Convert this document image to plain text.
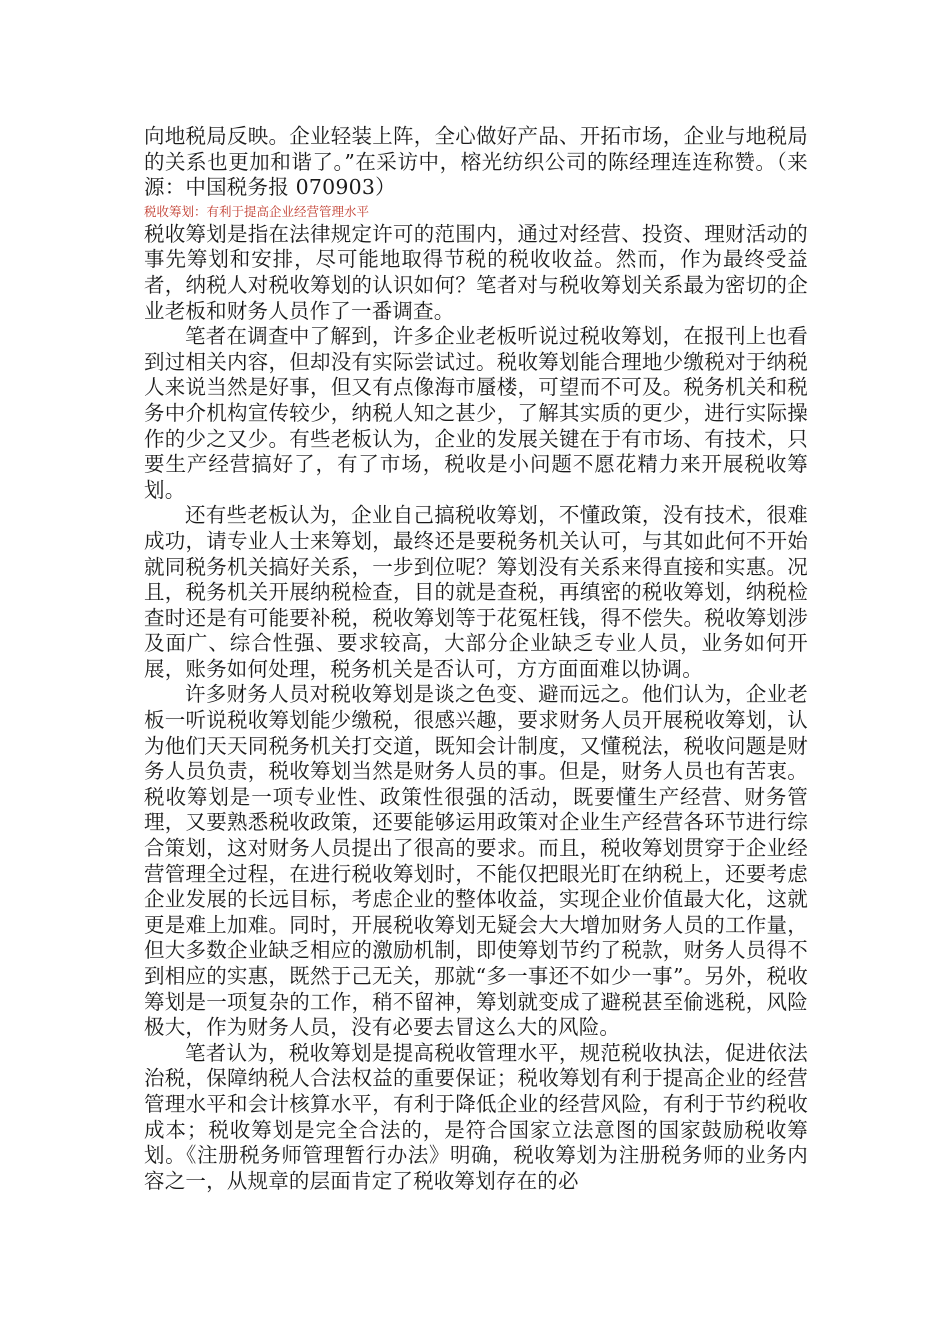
向地税局反映。企业轻装上阵，全心做好产品、开拓市场，企业与地税局的关系也更加和谐了。”在采访中，榕光纺织公司的陈经理连连称赞。（来源：中国税务报 070903）

税收筹划：有利于提高企业经营管理水平

税收筹划是指在法律规定许可的范围内，通过对经营、投资、理财活动的事先筹划和安排，尽可能地取得节税的税收收益。然而，作为最终受益者，纳税人对税收筹划的认识如何？笔者对与税收筹划关系最为密切的企业老板和财务人员作了一番调查。

笔者在调查中了解到，许多企业老板听说过税收筹划，在报刊上也看到过相关内容，但却没有实际尝试过。税收筹划能合理地少缴税对于纳税人来说当然是好事，但又有点像海市蜃楼，可望而不可及。税务机关和税务中介机构宣传较少，纳税人知之甚少，了解其实质的更少，进行实际操作的少之又少。有些老板认为，企业的发展关键在于有市场、有技术，只要生产经营搞好了，有了市场，税收是小问题不愿花精力来开展税收筹划。

还有些老板认为，企业自己搞税收筹划，不懂政策，没有技术，很难成功，请专业人士来筹划，最终还是要税务机关认可，与其如此何不开始就同税务机关搞好关系，一步到位呢？筹划没有关系来得直接和实惠。况且，税务机关开展纳税检查，目的就是查税，再缜密的税收筹划，纳税检查时还是有可能要补税，税收筹划等于花冤枉钱，得不偿失。税收筹划涉及面广、综合性强、要求较高，大部分企业缺乏专业人员，业务如何开展，账务如何处理，税务机关是否认可，方方面面难以协调。

许多财务人员对税收筹划是谈之色变、避而远之。他们认为，企业老板一听说税收筹划能少缴税，很感兴趣，要求财务人员开展税收筹划，认为他们天天同税务机关打交道，既知会计制度，又懂税法，税收问题是财务人员负责，税收筹划当然是财务人员的事。但是，财务人员也有苦衷。税收筹划是一项专业性、政策性很强的活动，既要懂生产经营、财务管理，又要熟悉税收政策，还要能够运用政策对企业生产经营各环节进行综合策划，这对财务人员提出了很高的要求。而且，税收筹划贯穿于企业经营管理全过程，在进行税收筹划时，不能仅把眼光盯在纳税上，还要考虑企业发展的长远目标，考虑企业的整体收益，实现企业价值最大化，这就更是难上加难。同时，开展税收筹划无疑会大大增加财务人员的工作量，但大多数企业缺乏相应的激励机制，即使筹划节约了税款，财务人员得不到相应的实惠，既然于己无关，那就“多一事还不如少一事”。另外，税收筹划是一项复杂的工作，稍不留神，筹划就变成了避税甚至偷逃税，风险极大，作为财务人员，没有必要去冒这么大的风险。

笔者认为，税收筹划是提高税收管理水平，规范税收执法，促进依法治税，保障纳税人合法权益的重要保证；税收筹划有利于提高企业的经营管理水平和会计核算水平，有利于降低企业的经营风险，有利于节约税收成本；税收筹划是完全合法的，是符合国家立法意图的国家鼓励税收筹划。《注册税务师管理暂行办法》明确，税收筹划为注册税务师的业务内容之一，从规章的层面肯定了税收筹划存在的必
